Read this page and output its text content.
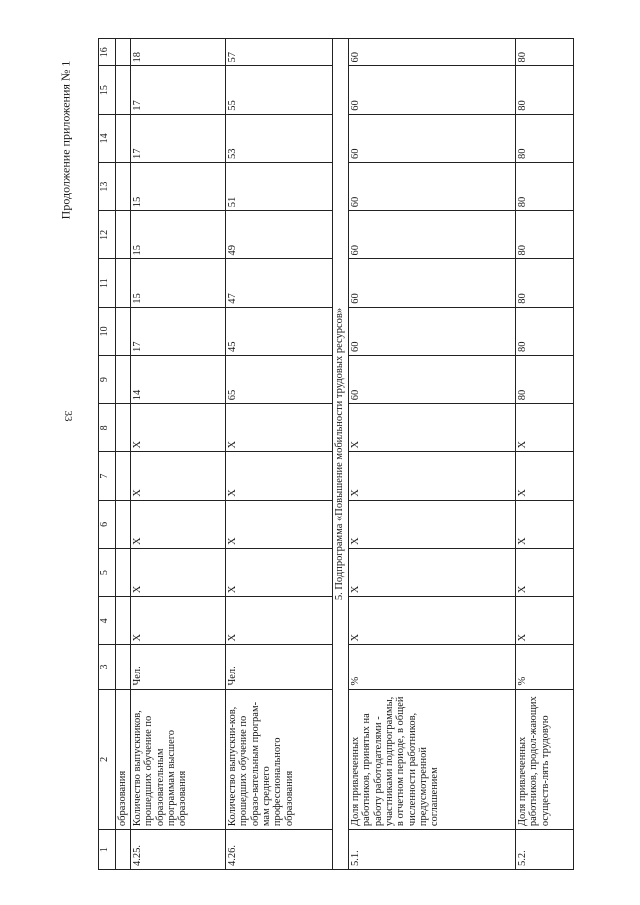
33
Продолжение приложения № 1
1	2	3	4	5	6	7	8	9	10	11	12	13	14	15	16
	образования														
4.25.	Количество выпускников, прошедших обучение по образовательным программам высшего образования	Чел.	X	X	X	X	X	14	17	15	15	15	17	17	18
4.26.	Количество выпускни-ков, прошедших обучение по образо-вательным програм-мам среднего профессионального образования	Чел.	X	X	X	X	X	65	45	47	49	51	53	55	57
5. Подпрограмма «Повышение мобильности трудовых ресурсов»															
5.1.	Доля привлеченных работников, принятых на работу работодателями - участниками подпрограммы, в отчетном периоде, в общей численности работников, предусмотренной соглашением	%	X	X	X	X	X	60	60	60	60	60	60	60	60
5.2.	Доля привлеченных работников, продол-жающих осуществ-лять трудовую	%	X	X	X	X	X	80	80	80	80	80	80	80	80
